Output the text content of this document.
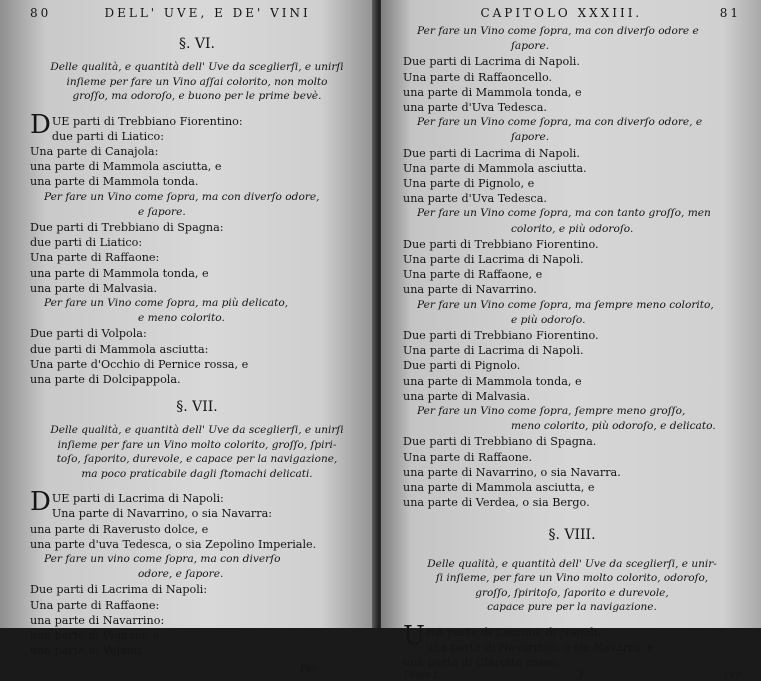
80	DELL' UVE, E DE' VINI
§. VI.
Delle qualità, e quantità dell' Uve da sceglierſi, e unirſi
inſieme per fare un Vino aſſai colorito, non molto
groſſo, ma odoroſo, e buono per le prime bevè.
D UE parti di Trebbiano Fiorentino:
due parti di Liatico:
Una parte di Canajola:
una parte di Mammola asciutta, e
una parte di Mammola tonda.
Per fare un Vino come ſopra, ma con diverſo odore,
e ſapore.
Due parti di Trebbiano di Spagna:
due parti di Liatico:
Una parte di Raffaone:
una parte di Mammola tonda, e
una parte di Malvasia.
Per fare un Vino come ſopra, ma più delicato,
e meno colorito.
Due parti di Volpola:
due parti di Mammola asciutta:
Una parte d'Occhio di Pernice rossa, e
una parte di Dolcipappola.
§. VII.
Delle qualità, e quantità dell' Uve da sceglierſi, e unirſi
inſieme per fare un Vino molto colorito, groſſo, ſpiri-
toſo, ſaporito, durevole, e capace per la navigazione,
ma poco praticabile dagli ſtomachi delicati.
D UE parti di Lacrima di Napoli:
Una parte di Navarrino, o sia Navarra:
una parte di Raverusto dolce, e
una parte d'uva Tedesca, o sia Zepolino Imperiale.
Per fare un vino come ſopra, ma con diverſo
odore, e ſapore.
Due parti di Lacrima di Napoli:
Una parte di Raffaone:
una parte di Navarrino:
una parte di Pignolo, e
una parte di Vajano.
Per
CAPITOLO XXXIII.	81
Per fare un Vino come ſopra, ma con diverſo odore e
ſapore.
Due parti di Lacrima di Napoli.
Una parte di Raffaoncello.
una parte di Mammola tonda, e
una parte d'Uva Tedesca.
Per fare un Vino come ſopra, ma con diverſo odore, e
ſapore.
Due parti di Lacrima di Napoli.
Una parte di Mammola asciutta.
Una parte di Pignolo, e
una parte d'Uva Tedesca.
Per fare un Vino come ſopra, ma con tanto groſſo, men
colorito, e più odoroſo.
Due parti di Trebbiano Fiorentino.
Una parte di Lacrima di Napoli.
Una parte di Raffaone, e
una parte di Navarrino.
Per fare un Vino come ſopra, ma ſempre meno colorito,
e più odoroſo.
Due parti di Trebbiano Fiorentino.
Una parte di Lacrima di Napoli.
Due parti di Pignolo.
una parte di Mammola tonda, e
una parte di Malvasia.
Per fare un Vino come ſopra, ſempre meno groſſo,
meno colorito, più odoroſo, e delicato.
Due parti di Trebbiano di Spagna.
Una parte di Raffaone.
una parte di Navarrino, o sia Navarra.
una parte di Mammola asciutta, e
una parte di Verdea, o sia Bergo.
§. VIII.
Delle qualità, e quantità dell' Uve da sceglierſi, e unir-
ſi inſieme, per fare un Vino molto colorito, odoroſo,
groſſo, ſpiritoſo, ſaporito e durevole,
capace pure per la navigazione.
U NA parte di Lacrima di Napoli.
una parte di Navarrino, o sia Navarra, e
una parte di Claretto rosso.
Tomo I.	F	Per
